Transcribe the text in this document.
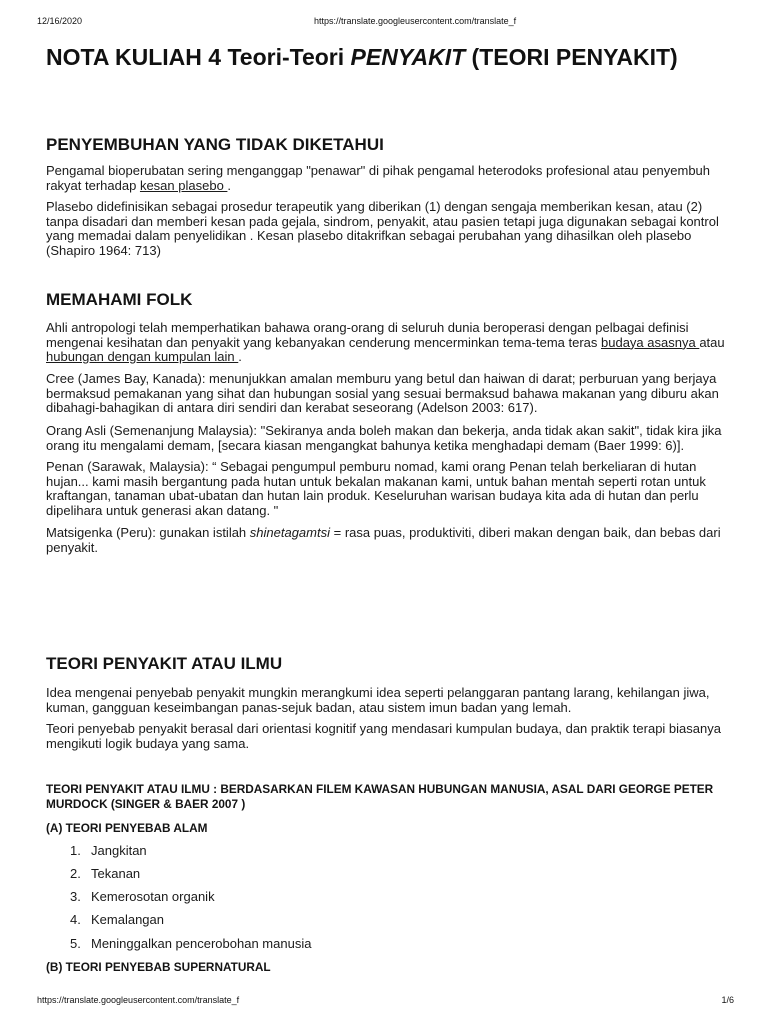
12/16/2020	https://translate.googleusercontent.com/translate_f
NOTA KULIAH 4 Teori-Teori PENYAKIT (TEORI PENYAKIT)
PENYEMBUHAN YANG TIDAK DIKETAHUI
Pengamal bioperubatan sering menganggap "penawar" di pihak pengamal heterodoks profesional atau penyembuh
rakyat terhadap kesan plasebo .
Plasebo didefinisikan sebagai prosedur terapeutik yang diberikan (1) dengan sengaja memberikan kesan, atau (2)
tanpa disadari dan memberi kesan pada gejala, sindrom, penyakit, atau pasien tetapi juga digunakan sebagai kontrol
yang memadai dalam penyelidikan . Kesan plasebo ditakrifkan sebagai perubahan yang dihasilkan oleh plasebo
(Shapiro 1964: 713)
MEMAHAMI FOLK
Ahli antropologi telah memperhatikan bahawa orang-orang di seluruh dunia beroperasi dengan pelbagai definisi
mengenai kesihatan dan penyakit yang kebanyakan cenderung mencerminkan tema-tema teras budaya asasnya atau
hubungan dengan kumpulan lain .
Cree (James Bay, Kanada): menunjukkan amalan memburu yang betul dan haiwan di darat; perburuan yang berjaya
bermaksud pemakanan yang sihat dan hubungan sosial yang sesuai bermaksud bahawa makanan yang diburu akan
dibahagi-bahagikan di antara diri sendiri dan kerabat seseorang (Adelson 2003: 617).
Orang Asli (Semenanjung Malaysia): "Sekiranya anda boleh makan dan bekerja, anda tidak akan sakit", tidak kira jika
orang itu mengalami demam, [secara kiasan mengangkat bahunya ketika menghadapi demam (Baer 1999: 6)].
Penan (Sarawak, Malaysia): “ Sebagai pengumpul pemburu nomad, kami orang Penan telah berkeliaran di hutan
hujan... kami masih bergantung pada hutan untuk bekalan makanan kami, untuk bahan mentah seperti rotan untuk
kraftangan, tanaman ubat-ubatan dan hutan lain produk. Keseluruhan warisan budaya kita ada di hutan dan perlu
dipelihara untuk generasi akan datang. "
Matsigenka (Peru): gunakan istilah shinetagamtsi = rasa puas, produktiviti, diberi makan dengan baik, dan bebas dari
penyakit.
TEORI PENYAKIT ATAU ILMU
Idea mengenai penyebab penyakit mungkin merangkumi idea seperti pelanggaran pantang larang, kehilangan jiwa,
kuman, gangguan keseimbangan panas-sejuk badan, atau sistem imun badan yang lemah.
Teori penyebab penyakit berasal dari orientasi kognitif yang mendasari kumpulan budaya, dan praktik terapi biasanya
mengikuti logik budaya yang sama.
TEORI PENYAKIT ATAU ILMU : BERDASARKAN FILEM KAWASAN HUBUNGAN MANUSIA, ASAL DARI GEORGE PETER
MURDOCK (SINGER & BAER 2007 )
(A) TEORI PENYEBAB ALAM
1. Jangkitan
2. Tekanan
3. Kemerosotan organik
4. Kemalangan
5. Meninggalkan pencerobohan manusia
(B) TEORI PENYEBAB SUPERNATURAL
https://translate.googleusercontent.com/translate_f	1/6
